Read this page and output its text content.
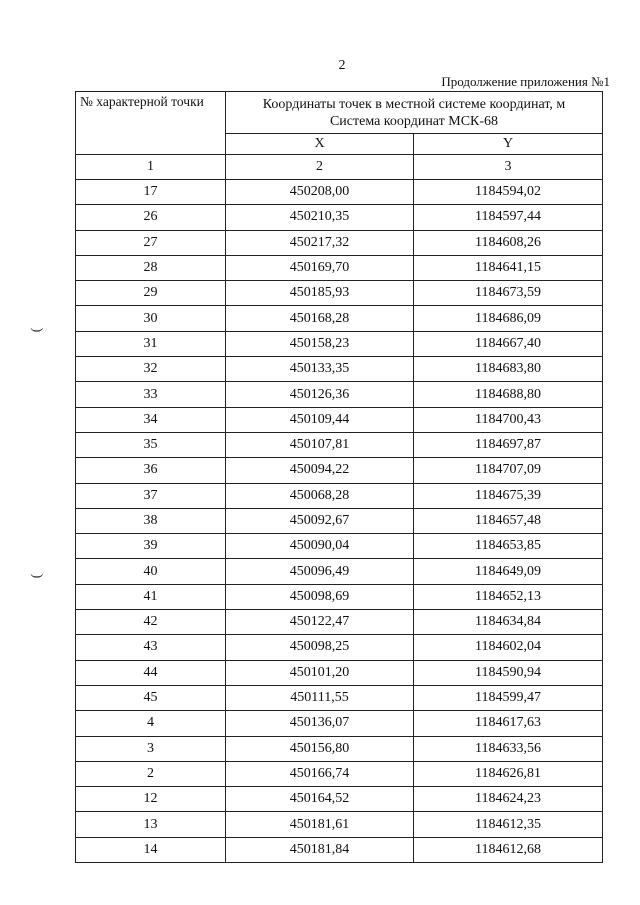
2
Продолжение приложения №1
)
)
№ характерной точки	Координаты точек в местной системе координат, м
Система координат МСК-68	

	X	Y
1	2	3
17	450208,00	1184594,02
26	450210,35	1184597,44
27	450217,32	1184608,26
28	450169,70	1184641,15
29	450185,93	1184673,59
30	450168,28	1184686,09
31	450158,23	1184667,40
32	450133,35	1184683,80
33	450126,36	1184688,80
34	450109,44	1184700,43
35	450107,81	1184697,87
36	450094,22	1184707,09
37	450068,28	1184675,39
38	450092,67	1184657,48
39	450090,04	1184653,85
40	450096,49	1184649,09
41	450098,69	1184652,13
42	450122,47	1184634,84
43	450098,25	1184602,04
44	450101,20	1184590,94
45	450111,55	1184599,47
4	450136,07	1184617,63
3	450156,80	1184633,56
2	450166,74	1184626,81
12	450164,52	1184624,23
13	450181,61	1184612,35
14	450181,84	1184612,68
